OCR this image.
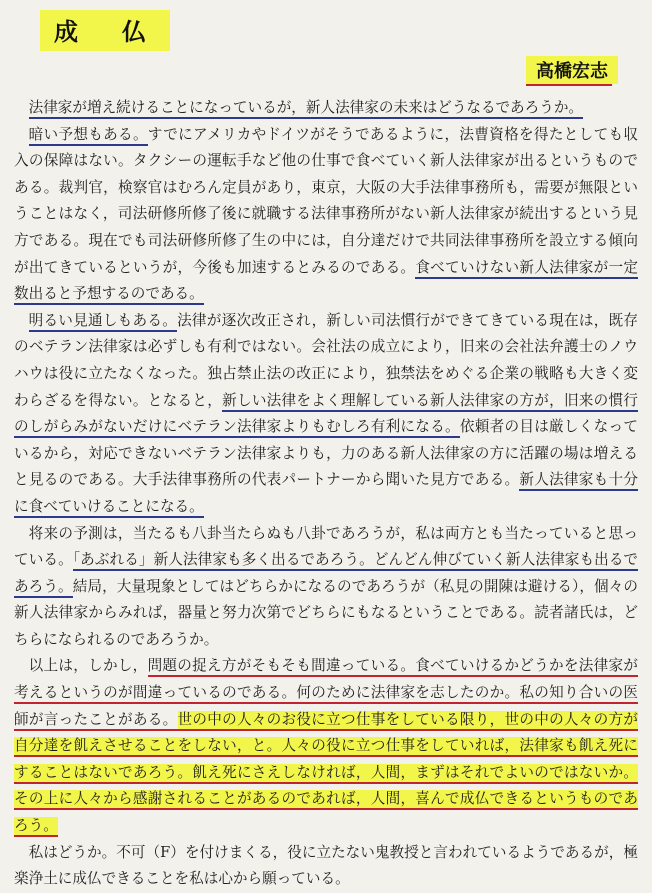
成　仏
高橋宏志

法律家が増え続けることになっているが，新人法律家の未来はどうなるであろうか。

暗い予想もある。すでにアメリカやドイツがそうであるように，法曹資格を得たとしても収入の保障はない。タクシーの運転手など他の仕事で食べていく新人法律家が出るというものである。裁判官，検察官はむろん定員があり，東京，大阪の大手法律事務所も，需要が無限ということはなく，司法研修所修了後に就職する法律事務所がない新人法律家が続出するという見方である。現在でも司法研修所修了生の中には，自分達だけで共同法律事務所を設立する傾向が出てきているというが，今後も加速するとみるのである。食べていけない新人法律家が一定数出ると予想するのである。

明るい見通しもある。法律が逐次改正され，新しい司法慣行ができてきている現在は，既存のベテラン法律家は必ずしも有利ではない。会社法の成立により，旧来の会社法弁護士のノウハウは役に立たなくなった。独占禁止法の改正により，独禁法をめぐる企業の戦略も大きく変わらざるを得ない。となると，新しい法律をよく理解している新人法律家の方が，旧来の慣行のしがらみがないだけにベテラン法律家よりもむしろ有利になる。依頼者の目は厳しくなっているから，対応できないベテラン法律家よりも，力のある新人法律家の方に活躍の場は増えると見るのである。大手法律事務所の代表パートナーから聞いた見方である。新人法律家も十分に食べていけることになる。

将来の予測は，当たるも八卦当たらぬも八卦であろうが，私は両方とも当たっていると思っている。「あぶれる」新人法律家も多く出るであろう。どんどん伸びていく新人法律家も出るであろう。結局，大量現象としてはどちらかになるのであろうが（私見の開陳は避ける），個々の新人法律家からみれば，器量と努力次第でどちらにもなるということである。読者諸氏は，どちらになられるのであろうか。

以上は，しかし，問題の捉え方がそもそも間違っている。食べていけるかどうかを法律家が考えるというのが間違っているのである。何のために法律家を志したのか。私の知り合いの医師が言ったことがある。世の中の人々のお役に立つ仕事をしている限り，世の中の人々の方が自分達を飢えさせることをしない，と。人々の役に立つ仕事をしていれば，法律家も飢え死にすることはないであろう。飢え死にさえしなければ，人間，まずはそれでよいのではないか。その上に人々から感謝されることがあるのであれば，人間，喜んで成仏できるというものであろう。

私はどうか。不可（F）を付けまくる，役に立たない鬼教授と言われているようであるが，極楽浄土に成仏できることを私は心から願っている。
